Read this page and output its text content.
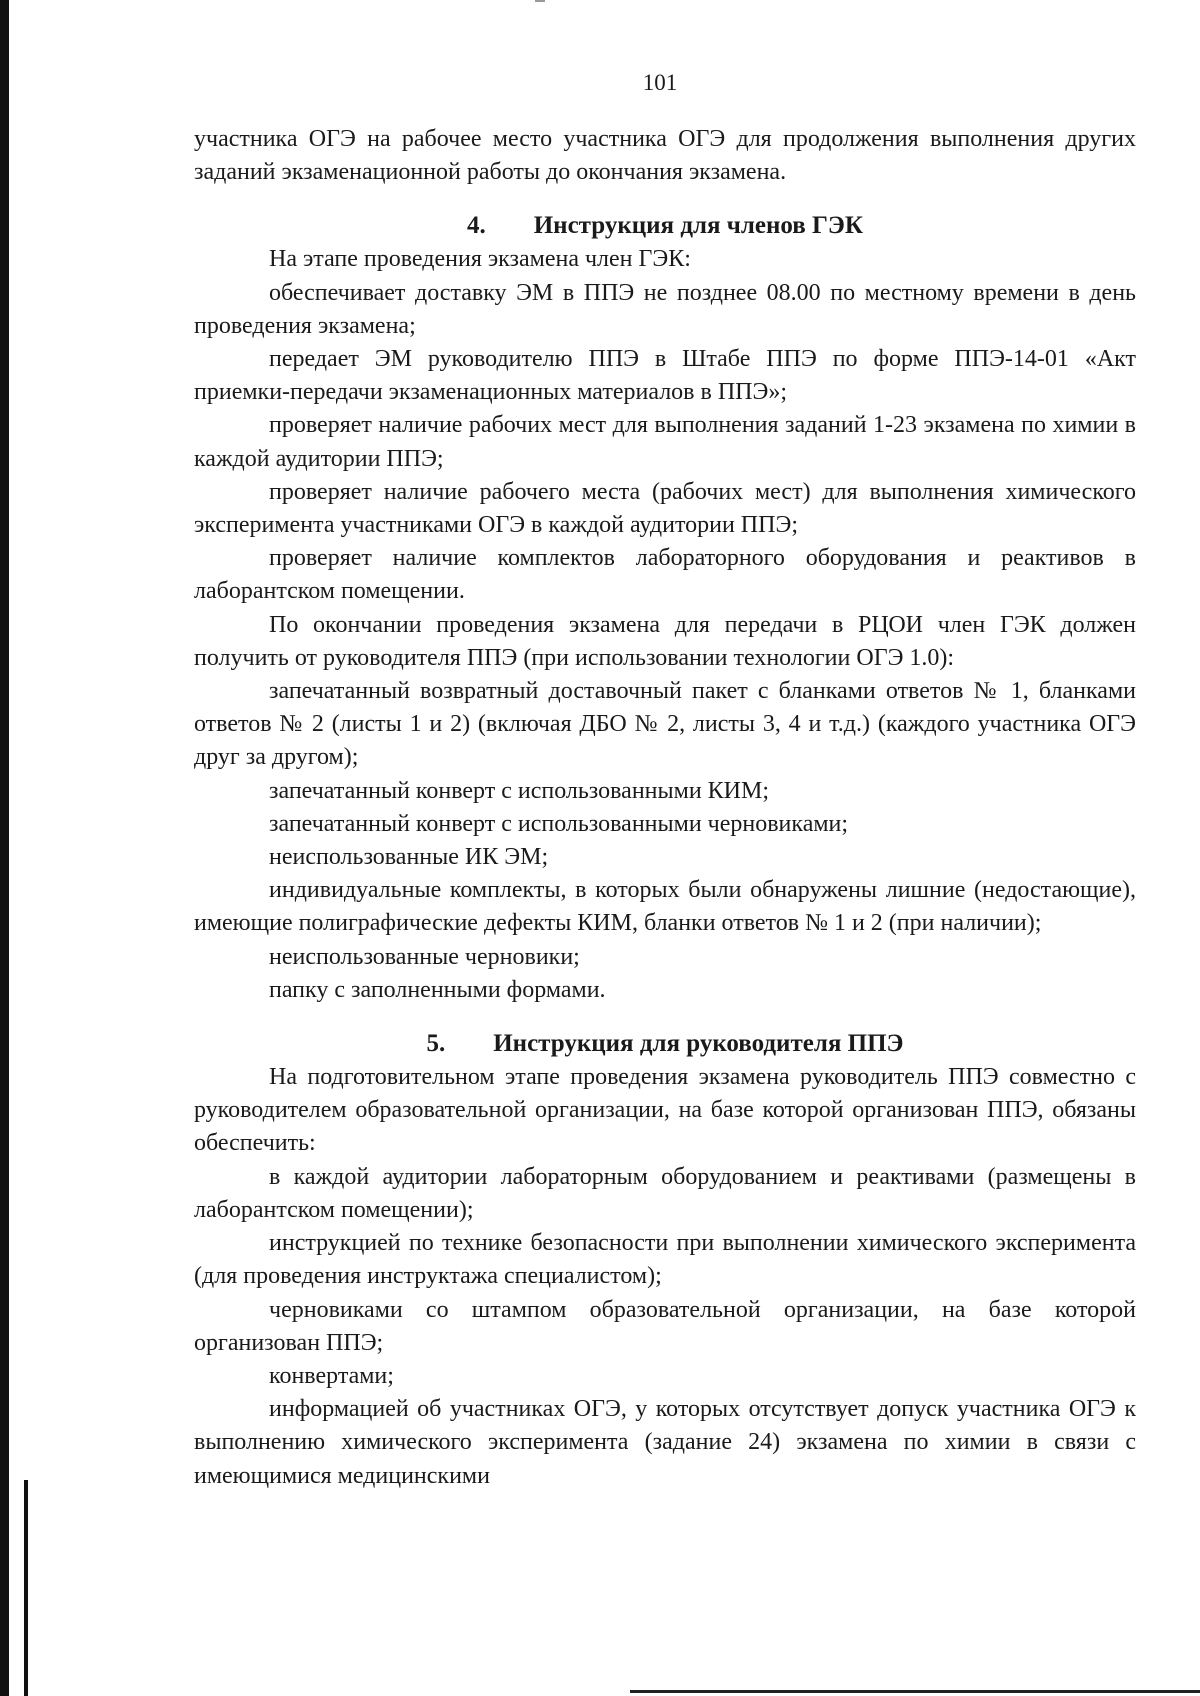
101

участника ОГЭ на рабочее место участника ОГЭ для продолжения выполнения других заданий экзаменационной работы до окончания экзамена.

4. Инструкция для членов ГЭК

На этапе проведения экзамена член ГЭК:

обеспечивает доставку ЭМ в ППЭ не позднее 08.00 по местному времени в день проведения экзамена;

передает ЭМ руководителю ППЭ в Штабе ППЭ по форме ППЭ-14-01 «Акт приемки-передачи экзаменационных материалов в ППЭ»;

проверяет наличие рабочих мест для выполнения заданий 1-23 экзамена по химии в каждой аудитории ППЭ;

проверяет наличие рабочего места (рабочих мест) для выполнения химического эксперимента участниками ОГЭ в каждой аудитории ППЭ;

проверяет наличие комплектов лабораторного оборудования и реактивов в лаборантском помещении.

По окончании проведения экзамена для передачи в РЦОИ член ГЭК должен получить от руководителя ППЭ (при использовании технологии ОГЭ 1.0):

запечатанный возвратный доставочный пакет с бланками ответов № 1, бланками ответов № 2 (листы 1 и 2) (включая ДБО № 2, листы 3, 4 и т.д.) (каждого участника ОГЭ друг за другом);

запечатанный конверт с использованными КИМ;

запечатанный конверт с использованными черновиками;

неиспользованные ИК ЭМ;

индивидуальные комплекты, в которых были обнаружены лишние (недостающие), имеющие полиграфические дефекты КИМ, бланки ответов № 1 и 2 (при наличии);

неиспользованные черновики;

папку с заполненными формами.

5. Инструкция для руководителя ППЭ

На подготовительном этапе проведения экзамена руководитель ППЭ совместно с руководителем образовательной организации, на базе которой организован ППЭ, обязаны обеспечить:

в каждой аудитории лабораторным оборудованием и реактивами (размещены в лаборантском помещении);

инструкцией по технике безопасности при выполнении химического эксперимента (для проведения инструктажа специалистом);

черновиками со штампом образовательной организации, на базе которой организован ППЭ;

конвертами;

информацией об участниках ОГЭ, у которых отсутствует допуск участника ОГЭ к выполнению химического эксперимента (задание 24) экзамена по химии в связи с имеющимися медицинскими
